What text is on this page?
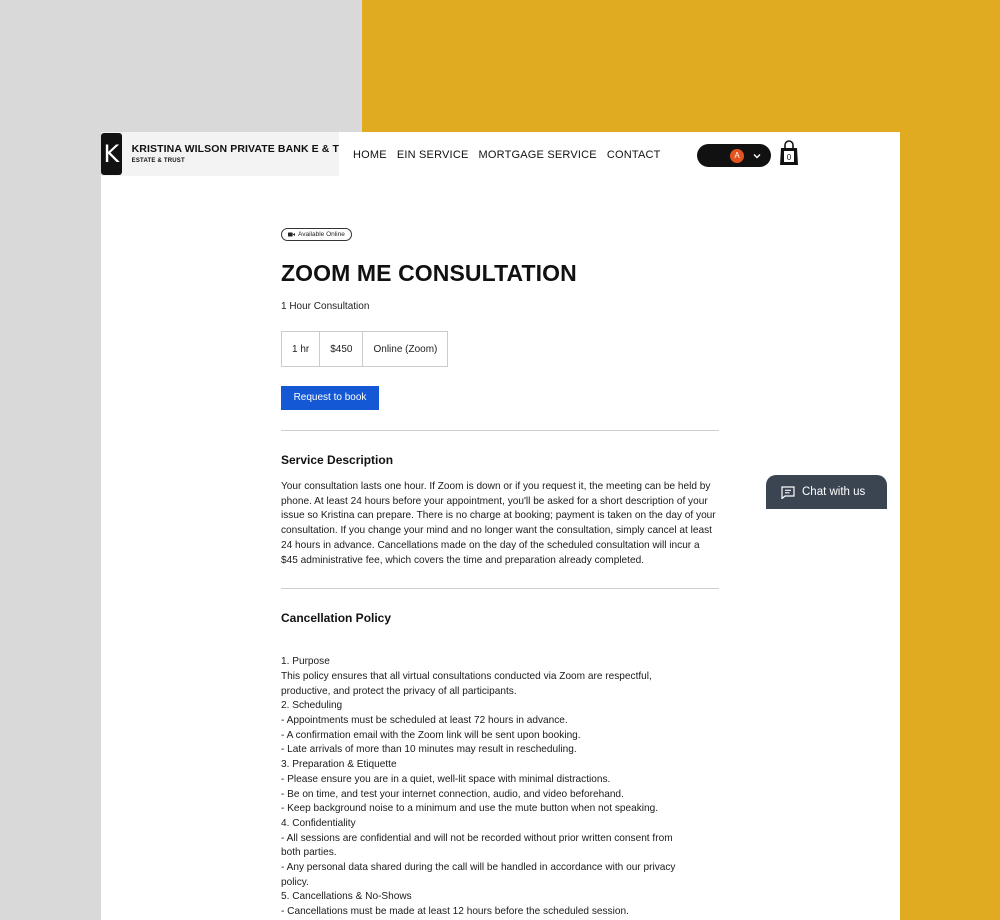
K KRISTINA WILSON PRIVATE BANK E & T
ESTATE & TRUST	HOME EIN SERVICE MORTGAGE SERVICE CONTACT	A	0
Available Online
ZOOM ME CONSULTATION
1 Hour Consultation
1 hr	$450	Online (Zoom)
Request to book
Service Description

Your consultation lasts one hour. If Zoom is down or if you request it, the meeting can be held by phone. At least 24 hours before your appointment, you'll be asked for a short description of your issue so Kristina can prepare. There is no charge at booking; payment is taken on the day of your consultation. If you change your mind and no longer want the consultation, simply cancel at least 24 hours in advance. Cancellations made on the day of the scheduled consultation will incur a $45 administrative fee, which covers the time and preparation already completed.

Cancellation Policy
1. Purpose
This policy ensures that all virtual consultations conducted via Zoom are respectful,
productive, and protect the privacy of all participants.
2. Scheduling
- Appointments must be scheduled at least 72 hours in advance.
- A confirmation email with the Zoom link will be sent upon booking.
- Late arrivals of more than 10 minutes may result in rescheduling.
3. Preparation & Etiquette
- Please ensure you are in a quiet, well-lit space with minimal distractions.
- Be on time, and test your internet connection, audio, and video beforehand.
- Keep background noise to a minimum and use the mute button when not speaking.
4. Confidentiality
- All sessions are confidential and will not be recorded without prior written consent from
both parties.
- Any personal data shared during the call will be handled in accordance with our privacy
policy.
5. Cancellations & No-Shows
- Cancellations must be made at least 12 hours before the scheduled session.
Chat with us
